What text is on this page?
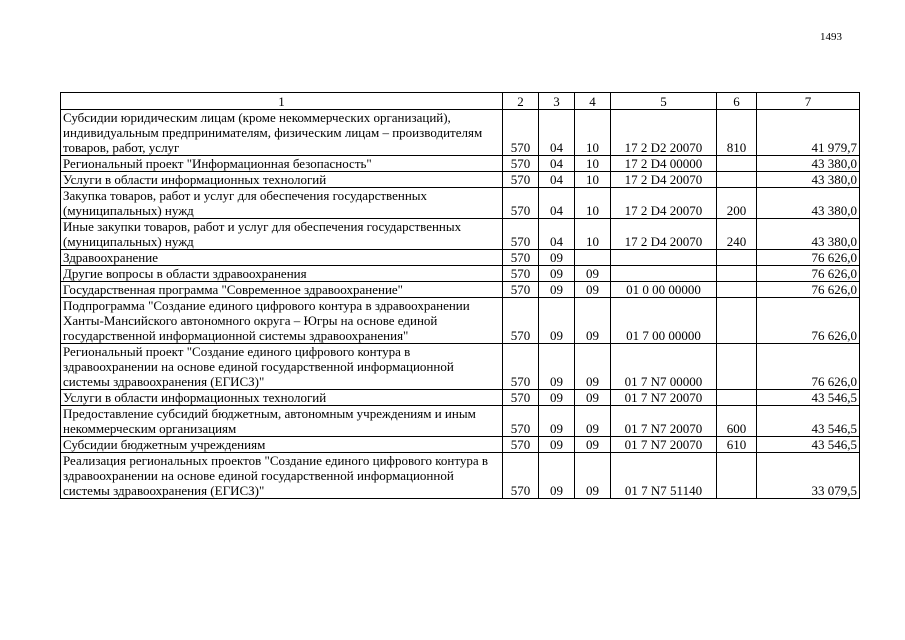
1493
1	2	3	4	5	6	7
Субсидии юридическим лицам (кроме некоммерческих организаций), индивидуальным предпринимателям, физическим лицам – производителям товаров, работ, услуг	570	04	10	17 2 D2 20070	810	41 979,7
Региональный проект "Информационная безопасность"	570	04	10	17 2 D4 00000		43 380,0
Услуги в области информационных технологий	570	04	10	17 2 D4 20070		43 380,0
Закупка товаров, работ и услуг для обеспечения государственных (муниципальных) нужд	570	04	10	17 2 D4 20070	200	43 380,0
Иные закупки товаров, работ и услуг для обеспечения государственных (муниципальных) нужд	570	04	10	17 2 D4 20070	240	43 380,0
Здравоохранение	570	09				76 626,0
Другие вопросы в области здравоохранения	570	09	09			76 626,0
Государственная программа "Современное здравоохранение"	570	09	09	01 0 00 00000		76 626,0
Подпрограмма "Создание единого цифрового контура в здравоохранении Ханты-Мансийского автономного округа – Югры на основе единой государственной информационной системы здравоохранения"	570	09	09	01 7 00 00000		76 626,0
Региональный проект "Создание единого цифрового контура в здравоохранении на основе единой государственной информационной системы здравоохранения (ЕГИСЗ)"	570	09	09	01 7 N7 00000		76 626,0
Услуги в области информационных технологий	570	09	09	01 7 N7 20070		43 546,5
Предоставление субсидий бюджетным, автономным учреждениям и иным некоммерческим организациям	570	09	09	01 7 N7 20070	600	43 546,5
Субсидии бюджетным учреждениям	570	09	09	01 7 N7 20070	610	43 546,5
Реализация региональных проектов "Создание единого цифрового контура в здравоохранении на основе единой государственной информационной системы здравоохранения (ЕГИСЗ)"	570	09	09	01 7 N7 51140		33 079,5
